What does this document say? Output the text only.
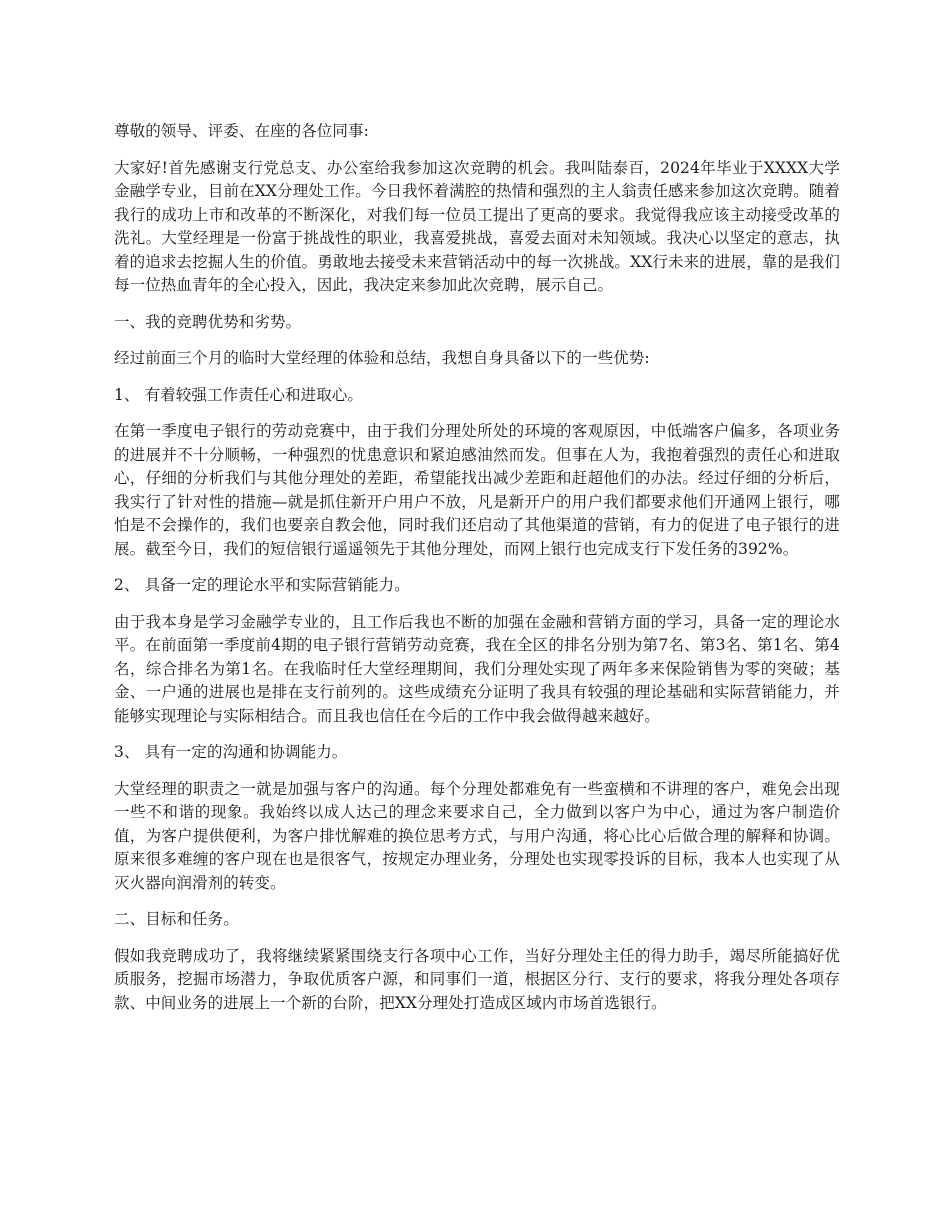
尊敬的领导、评委、在座的各位同事:

大家好!首先感谢支行党总支、办公室给我参加这次竞聘的机会。我叫陆泰百，2024年毕业于XXXX大学金融学专业，目前在XX分理处工作。今日我怀着满腔的热情和强烈的主人翁责任感来参加这次竞聘。随着我行的成功上市和改革的不断深化，对我们每一位员工提出了更高的要求。我觉得我应该主动接受改革的洗礼。大堂经理是一份富于挑战性的职业，我喜爱挑战，喜爱去面对未知领域。我决心以坚定的意志，执着的追求去挖掘人生的价值。勇敢地去接受未来营销活动中的每一次挑战。XX行未来的进展，靠的是我们每一位热血青年的全心投入，因此，我决定来参加此次竞聘，展示自己。

一、我的竞聘优势和劣势。

经过前面三个月的临时大堂经理的体验和总结，我想自身具备以下的一些优势:

1、 有着较强工作责任心和进取心。

在第一季度电子银行的劳动竞赛中，由于我们分理处所处的环境的客观原因，中低端客户偏多，各项业务的进展并不十分顺畅，一种强烈的忧患意识和紧迫感油然而发。但事在人为，我抱着强烈的责任心和进取心，仔细的分析我们与其他分理处的差距，希望能找出减少差距和赶超他们的办法。经过仔细的分析后，我实行了针对性的措施—就是抓住新开户用户不放，凡是新开户的用户我们都要求他们开通网上银行，哪怕是不会操作的，我们也要亲自教会他，同时我们还启动了其他渠道的营销，有力的促进了电子银行的进展。截至今日，我们的短信银行遥遥领先于其他分理处，而网上银行也完成支行下发任务的392%。

2、 具备一定的理论水平和实际营销能力。

由于我本身是学习金融学专业的，且工作后我也不断的加强在金融和营销方面的学习，具备一定的理论水平。在前面第一季度前4期的电子银行营销劳动竞赛，我在全区的排名分别为第7名、第3名、第1名、第4名，综合排名为第1名。在我临时任大堂经理期间，我们分理处实现了两年多来保险销售为零的突破；基金、一户通的进展也是排在支行前列的。这些成绩充分证明了我具有较强的理论基础和实际营销能力，并能够实现理论与实际相结合。而且我也信任在今后的工作中我会做得越来越好。

3、 具有一定的沟通和协调能力。

大堂经理的职责之一就是加强与客户的沟通。每个分理处都难免有一些蛮横和不讲理的客户，难免会出现一些不和谐的现象。我始终以成人达己的理念来要求自己，全力做到以客户为中心，通过为客户制造价值，为客户提供便利，为客户排忧解难的换位思考方式，与用户沟通，将心比心后做合理的解释和协调。原来很多难缠的客户现在也是很客气，按规定办理业务，分理处也实现零投诉的目标，我本人也实现了从灭火器向润滑剂的转变。

二、目标和任务。

假如我竞聘成功了，我将继续紧紧围绕支行各项中心工作，当好分理处主任的得力助手，竭尽所能搞好优质服务，挖掘市场潜力，争取优质客户源，和同事们一道，根据区分行、支行的要求，将我分理处各项存款、中间业务的进展上一个新的台阶，把XX分理处打造成区域内市场首选银行。
